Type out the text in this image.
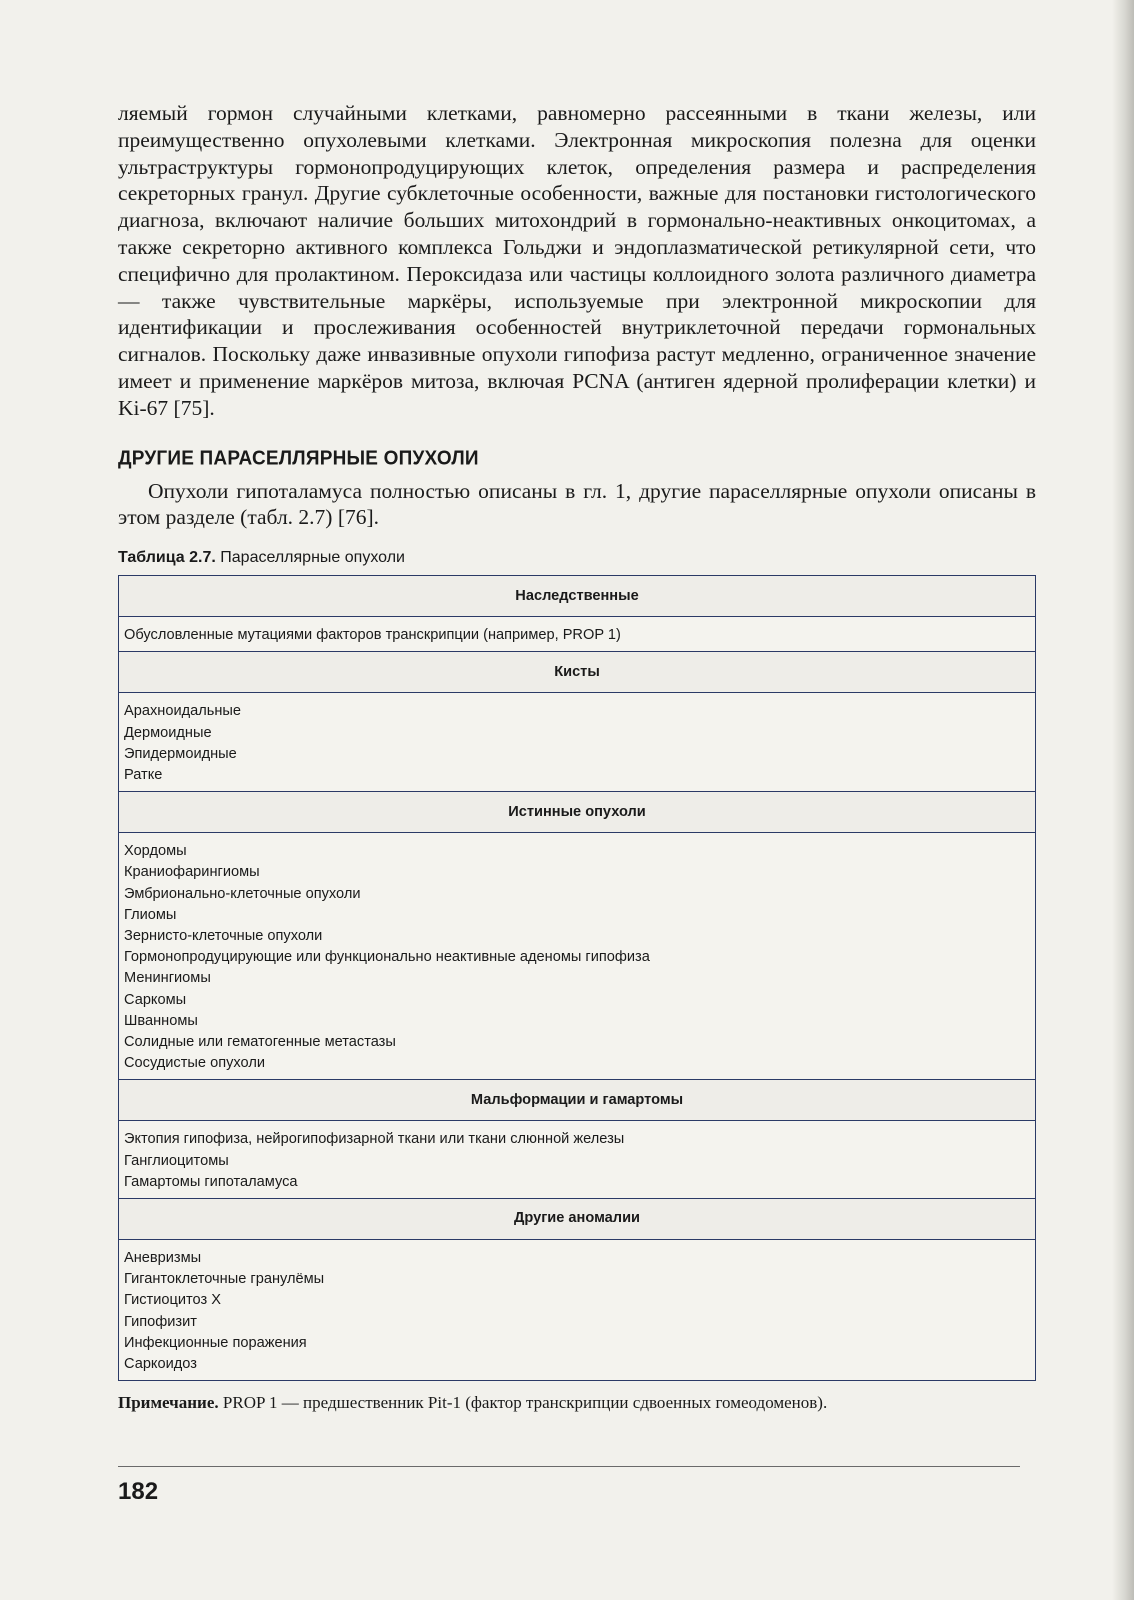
ляемый гормон случайными клетками, равномерно рассеянными в ткани железы, или преимущественно опухолевыми клетками. Электронная микроскопия полезна для оценки ультраструктуры гормонопродуцирующих клеток, определения размера и распределения секреторных гранул. Другие субклеточные особенности, важные для постановки гистологического диагноза, включают наличие больших митохондрий в гормонально-неактивных онкоцитомах, а также секреторно активного комплекса Гольджи и эндоплазматической ретикулярной сети, что специфично для пролактином. Пероксидаза или частицы коллоидного золота различного диаметра — также чувствительные маркёры, используемые при электронной микроскопии для идентификации и прослеживания особенностей внутриклеточной передачи гормональных сигналов. Поскольку даже инвазивные опухоли гипофиза растут медленно, ограниченное значение имеет и применение маркёров митоза, включая PCNA (антиген ядерной пролиферации клетки) и Ki-67 [75].

ДРУГИЕ ПАРАСЕЛЛЯРНЫЕ ОПУХОЛИ

Опухоли гипоталамуса полностью описаны в гл. 1, другие параселлярные опухоли описаны в этом разделе (табл. 2.7) [76].

Таблица 2.7. Параселлярные опухоли
Наследственные

Обусловленные мутациями факторов транскрипции (например, PROP 1)

Кисты

Арахноидальные
Дермоидные
Эпидермоидные
Ратке

Истинные опухоли

Хордомы
Краниофарингиомы
Эмбрионально-клеточные опухоли
Глиомы
Зернисто-клеточные опухоли
Гормонопродуцирующие или функционально неактивные аденомы гипофиза
Менингиомы
Саркомы
Шванномы
Солидные или гематогенные метастазы
Сосудистые опухоли

Мальформации и гамартомы

Эктопия гипофиза, нейрогипофизарной ткани или ткани слюнной железы
Ганглиоцитомы
Гамартомы гипоталамуса

Другие аномалии

Аневризмы
Гигантоклеточные гранулёмы
Гистиоцитоз X
Гипофизит
Инфекционные поражения
Саркоидоз
Примечание. PROP 1 — предшественник Pit-1 (фактор транскрипции сдвоенных гомеодоменов).
182
